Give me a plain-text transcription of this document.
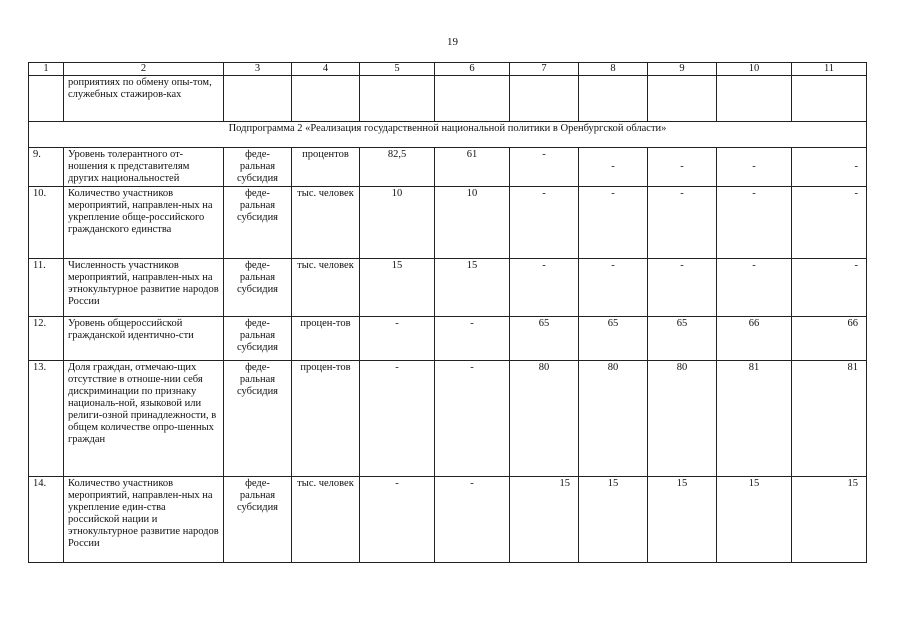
19
1	2	3	4	5	6	7	8	9	10	11
	роприятиях по обмену опы-том, служебных стажиров-ках									
Подпрограмма 2 «Реализация государственной национальной политики в Оренбургской области»										
9.	Уровень толерантного от-ношения к представителям других национальностей	феде-ральная субсидия	процентов	82,5	61	-	-	-	-	-

10.	Количество участников мероприятий, направлен-ных на укрепление обще-российского гражданского единства	феде-ральная субсидия	тыс. человек	10	10	-	-	-	-	-
11.	Численность участников мероприятий, направлен-ных на этнокультурное развитие народов России	феде-ральная субсидия	тыс. человек	15	15	-	-	-	-	-
12.	Уровень общероссийской гражданской идентично-сти	феде-ральная субсидия	процен-тов	-	-	65	65	65	66	66
13.	Доля граждан, отмечаю-щих отсутствие в отноше-нии себя дискриминации по признаку националь-ной, языковой или религи-озной принадлежности, в общем количестве опро-шенных граждан	феде-ральная субсидия	процен-тов	-	-	80	80	80	81	81
14.	Количество участников мероприятий, направлен-ных на укрепление един-ства российской нации и этнокультурное развитие народов России	феде-ральная субсидия	тыс. человек	-	-	15	15	15	15	15
